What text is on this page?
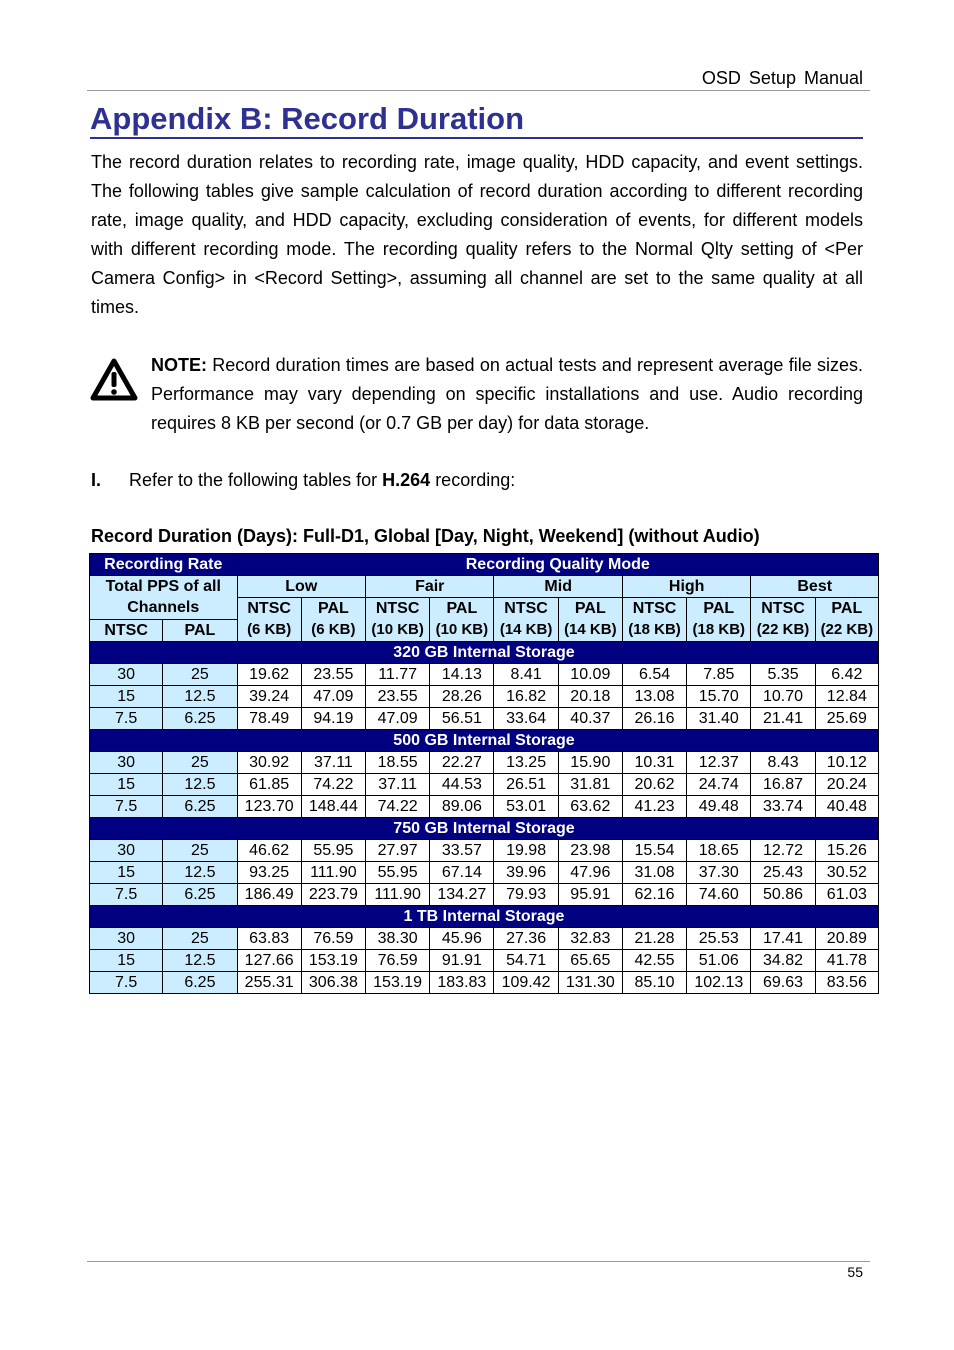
OSD Setup Manual
Appendix B: Record Duration

The record duration relates to recording rate, image quality, HDD capacity, and event settings. The following tables give sample calculation of record duration according to different recording rate, image quality, and HDD capacity, excluding consideration of events, for different models with different recording mode. The recording quality refers to the Normal Qlty setting of <Per Camera Config> in <Record Setting>, assuming all channel are set to the same quality at all times.

NOTE: Record duration times are based on actual tests and represent average file sizes. Performance may vary depending on specific installations and use. Audio recording requires 8 KB per second (or 0.7 GB per day) for data storage.

I. Refer to the following tables for H.264 recording:
Record Duration (Days): Full-D1, Global [Day, Night, Weekend] (without Audio)
Recording Rate		Recording Quality Mode									
Total PPS of all Channels		Low		Fair		Mid		High		Best	
		NTSC	PAL	NTSC	PAL	NTSC	PAL	NTSC	PAL	NTSC	PAL
NTSC	PAL	(6 KB)	(6 KB)	(10 KB)	(10 KB)	(14 KB)	(14 KB)	(18 KB)	(18 KB)	(22 KB)	(22 KB)
320 GB Internal Storage											
30	25	19.62	23.55	11.77	14.13	8.41	10.09	6.54	7.85	5.35	6.42
15	12.5	39.24	47.09	23.55	28.26	16.82	20.18	13.08	15.70	10.70	12.84
7.5	6.25	78.49	94.19	47.09	56.51	33.64	40.37	26.16	31.40	21.41	25.69
500 GB Internal Storage											
30	25	30.92	37.11	18.55	22.27	13.25	15.90	10.31	12.37	8.43	10.12
15	12.5	61.85	74.22	37.11	44.53	26.51	31.81	20.62	24.74	16.87	20.24
7.5	6.25	123.70	148.44	74.22	89.06	53.01	63.62	41.23	49.48	33.74	40.48
750 GB Internal Storage											
30	25	46.62	55.95	27.97	33.57	19.98	23.98	15.54	18.65	12.72	15.26
15	12.5	93.25	111.90	55.95	67.14	39.96	47.96	31.08	37.30	25.43	30.52
7.5	6.25	186.49	223.79	111.90	134.27	79.93	95.91	62.16	74.60	50.86	61.03
1 TB Internal Storage											
30	25	63.83	76.59	38.30	45.96	27.36	32.83	21.28	25.53	17.41	20.89
15	12.5	127.66	153.19	76.59	91.91	54.71	65.65	42.55	51.06	34.82	41.78
7.5	6.25	255.31	306.38	153.19	183.83	109.42	131.30	85.10	102.13	69.63	83.56
55
